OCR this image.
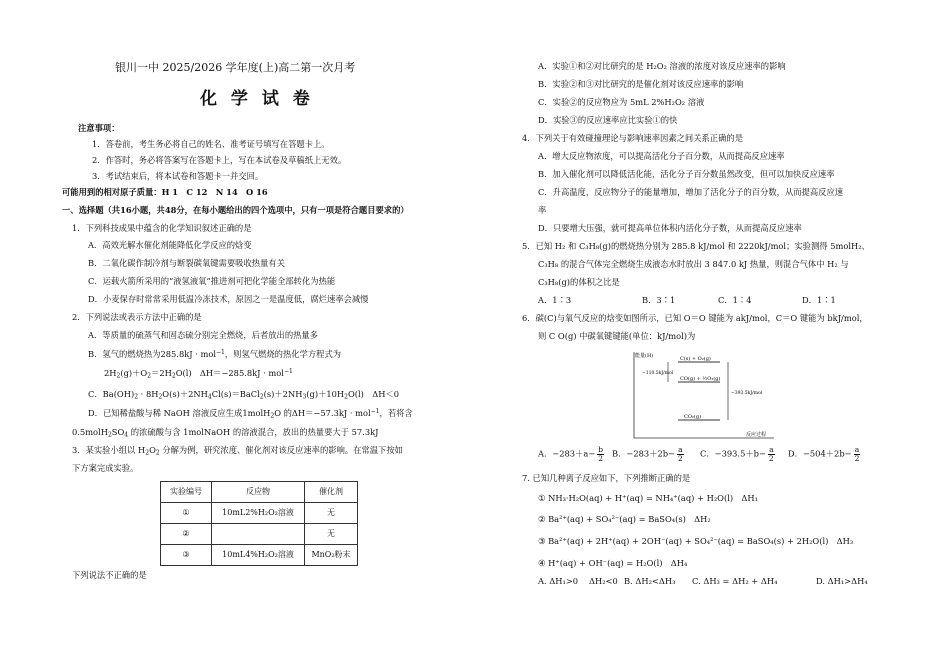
银川一中 2025/2026 学年度(上)高二第一次月考
化 学 试 卷
注意事项：
1．答卷前，考生务必将自己的姓名、准考证号填写在答题卡上。
2．作答时，务必将答案写在答题卡上，写在本试卷及草稿纸上无效。
3．考试结束后，将本试卷和答题卡一并交回。
可能用到的相对原子质量：H 1　C 12　N 14　O 16
一、选择题（共16小题，共48分，在每小题给出的四个选项中，只有一项是符合题目要求的）
1．下列科技成果中蕴含的化学知识叙述正确的是
A．高效光解水催化剂能降低化学反应的焓变
B．二氧化碳作制冷剂与断裂碳氧键需要吸收热量有关
C．运载火箭所采用的“液氢液氧”推进剂可把化学能全部转化为热能
D．小麦保存时常常采用低温冷冻技术，原因之一是温度低，腐烂速率会减慢
2．下列说法或表示方法中正确的是
A．等质量的硫蒸气和固态硫分别完全燃烧，后者放出的热量多
B．氢气的燃烧热为285.8kJ · mol$^{-1}$，则氢气燃烧的热化学方程式为
$2H_2(g)+O_2=2H_2O(l)$　ΔH＝−285.8kJ · mol$^{-1}$
C．$Ba(OH)_2$ · $8H_2O(s)+2NH_4Cl(s)=BaCl_2(s)+2NH_3(g)+10H_2O(l)$　ΔH＜0
D．已知稀盐酸与稀 NaOH 溶液反应生成1molH$_2$O 的ΔH＝−57.3kJ · mol$^{-1}$，若将含
$0.5molH_2SO_4$ 的浓硫酸与含 1molNaOH 的溶液混合，放出的热量要大于 57.3kJ
3．某实验小组以 $H_2O_2$ 分解为例，研究浓度、催化剂对该反应速率的影响。在常温下按如
下方案完成实验。
实验编号	反应物	催化剂
①	10mL2%H₂O₂溶液	无
②		无
③	10mL4%H₂O₂溶液	MnO₂粉末
下列说法不正确的是
A．实验①和②对比研究的是 H₂O₂ 溶液的浓度对该反应速率的影响
B．实验②和③对比研究的是催化剂对该反应速率的影响
C．实验②的反应物应为 5mL 2%H₂O₂ 溶液
D．实验③的反应速率应比实验①的快
4．下列关于有效碰撞理论与影响速率因素之间关系正确的是
A．增大反应物浓度，可以提高活化分子百分数，从而提高反应速率
B．加入催化剂可以降低活化能，活化分子百分数虽然改变，但可以加快反应速率
C．升高温度，反应物分子的能量增加，增加了活化分子的百分数，从而提高反应速
率
D．只要增大压强，就可提高单位体积内活化分子数，从而提高反应速率
5．已知 H₂ 和 C₃H₈(g)的燃烧热分别为 285.8 kJ/mol 和 2220kJ/mol；实验测得 5molH₂、
C₃H₈ 的混合气体完全燃烧生成液态水时放出 3 847.0 kJ 热量，则混合气体中 H₂ 与
C₃H₈(g)的体积之比是
A．1∶3	B．3∶1	C．1∶4	D．1∶1
6．碳(C)与氧气反应的焓变如图所示，已知 O＝O 键能为 akJ/mol，C＝O 键能为 bkJ/mol，
则 C O(g) 中碳氧键键能(单位：kJ/mol)为
能量(H)	C(s) + O₂(g)
CO(g) + ½O₂(g)
CO₂(g)
−110.5kJ/mol
−393.5kJ/mol
反应过程
A．$-283+a- \frac{b}{2}$ B．$-283+2b- \frac{a}{2}$ C．$-393.5+b- \frac{a}{2}$ D．$-504+2b- \frac{a}{2}$
7. 已知几种离子反应如下，下列推断正确的是
① NH₃·H₂O(aq) + H⁺(aq) = NH₄⁺(aq) + H₂O(l)　ΔH₁
② Ba²⁺(aq) + SO₄²⁻(aq) = BaSO₄(s)　ΔH₂
③ Ba²⁺(aq) + 2H⁺(aq) + 2OH⁻(aq) + SO₄²⁻(aq) = BaSO₄(s) + 2H₂O(l)　ΔH₃
④ H⁺(aq) + OH⁻(aq) = H₂O(l)　ΔH₄
A. ΔH₁>0　 ΔH₂<0 B. ΔH₂<ΔH₃ C. ΔH₃ = ΔH₂ + ΔH₄	D. ΔH₁>ΔH₄
